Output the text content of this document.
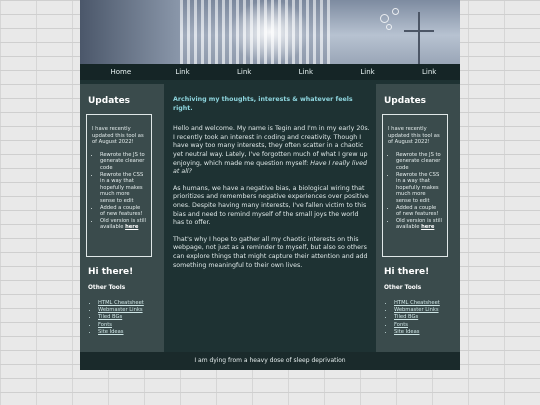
Home	Link	Link	Link	Link	Link
Updates

I have recently updated this tool as of August 2022!

• Rewrote the JS to generate cleaner code
• Rewrote the CSS in a way that hopefully makes much more sense to edit
• Added a couple of new features!
• Old version is still available here
Hi there!
Other Tools
• HTML Cheatsheet
• Webmaster Links
• Tiled BGs
• Fonts
• Site Ideas
Archiving my thoughts, interests & whatever feels right.

Hello and welcome. My name is Tegin and I'm in my early 20s. I recently took an interest in coding and creativity. Though I have way too many interests, they often scatter in a chaotic yet neutral way. Lately, I've forgotten much of what I grew up enjoying, which made me question myself: Have I really lived at all?

As humans, we have a negative bias, a biological wiring that prioritizes and remembers negative experiences over positive ones. Despite having many interests, I've fallen victim to this bias and need to remind myself of the small joys the world has to offer.

That's why I hope to gather all my chaotic interests on this webpage, not just as a reminder to myself, but also so others can explore things that might capture their attention and add something meaningful to their own lives.

Updates

I have recently updated this tool as of August 2022!

• Rewrote the JS to generate cleaner code
• Rewrote the CSS in a way that hopefully makes much more sense to edit
• Added a couple of new features!
• Old version is still available here
Hi there!
Other Tools
• HTML Cheatsheet
• Webmaster Links
• Tiled BGs
• Fonts
• Site Ideas
I am dying from a heavy dose of sleep deprivation
